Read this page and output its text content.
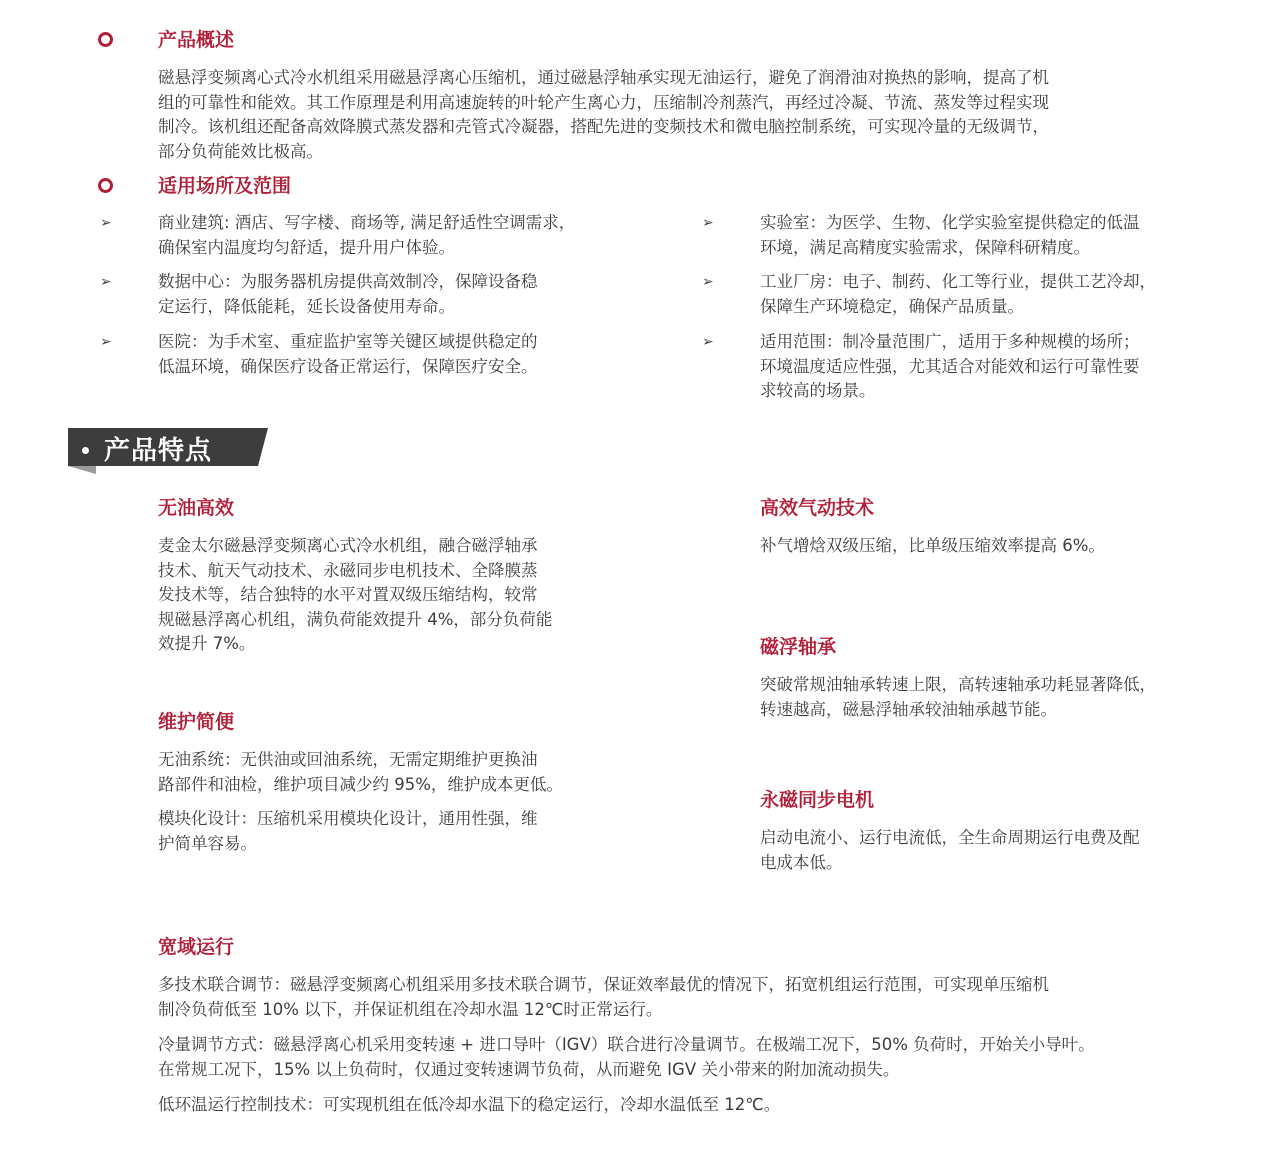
产品概述
磁悬浮变频离心式冷水机组采用磁悬浮离心压缩机，通过磁悬浮轴承实现无油运行，避免了润滑油对换热的影响，提高了机
组的可靠性和能效。其工作原理是利用高速旋转的叶轮产生离心力，压缩制冷剂蒸汽，再经过冷凝、节流、蒸发等过程实现
制冷。该机组还配备高效降膜式蒸发器和壳管式冷凝器，搭配先进的变频技术和微电脑控制系统，可实现冷量的无级调节，
部分负荷能效比极高。
适用场所及范围
➢	商业建筑: 酒店、写字楼、商场等, 满足舒适性空调需求，
确保室内温度均匀舒适，提升用户体验。
➢	数据中心：为服务器机房提供高效制冷，保障设备稳
定运行，降低能耗，延长设备使用寿命。
➢	医院：为手术室、重症监护室等关键区域提供稳定的
低温环境，确保医疗设备正常运行，保障医疗安全。
➢	实验室：为医学、生物、化学实验室提供稳定的低温
环境，满足高精度实验需求，保障科研精度。
➢	工业厂房：电子、制药、化工等行业，提供工艺冷却，
保障生产环境稳定，确保产品质量。
➢	适用范围：制冷量范围广，适用于多种规模的场所；
环境温度适应性强，尤其适合对能效和运行可靠性要
求较高的场景。
产品特点
无油高效
麦金太尔磁悬浮变频离心式冷水机组，融合磁浮轴承
技术、航天气动技术、永磁同步电机技术、全降膜蒸
发技术等，结合独特的水平对置双级压缩结构，较常
规磁悬浮离心机组，满负荷能效提升 4%，部分负荷能
效提升 7%。
维护简便
无油系统：无供油或回油系统，无需定期维护更换油
路部件和油检，维护项目减少约 95%，维护成本更低。
模块化设计：压缩机采用模块化设计，通用性强，维
护简单容易。
高效气动技术
补气增焓双级压缩，比单级压缩效率提高 6%。
磁浮轴承
突破常规油轴承转速上限，高转速轴承功耗显著降低，
转速越高，磁悬浮轴承较油轴承越节能。
永磁同步电机
启动电流小、运行电流低，全生命周期运行电费及配
电成本低。
宽域运行
多技术联合调节：磁悬浮变频离心机组采用多技术联合调节，保证效率最优的情况下，拓宽机组运行范围，可实现单压缩机
制冷负荷低至 10% 以下，并保证机组在冷却水温 12℃时正常运行。
冷量调节方式：磁悬浮离心机采用变转速 + 进口导叶（IGV）联合进行冷量调节。在极端工况下，50% 负荷时，开始关小导叶。
在常规工况下，15% 以上负荷时，仅通过变转速调节负荷，从而避免 IGV 关小带来的附加流动损失。
低环温运行控制技术：可实现机组在低冷却水温下的稳定运行，冷却水温低至 12℃。
